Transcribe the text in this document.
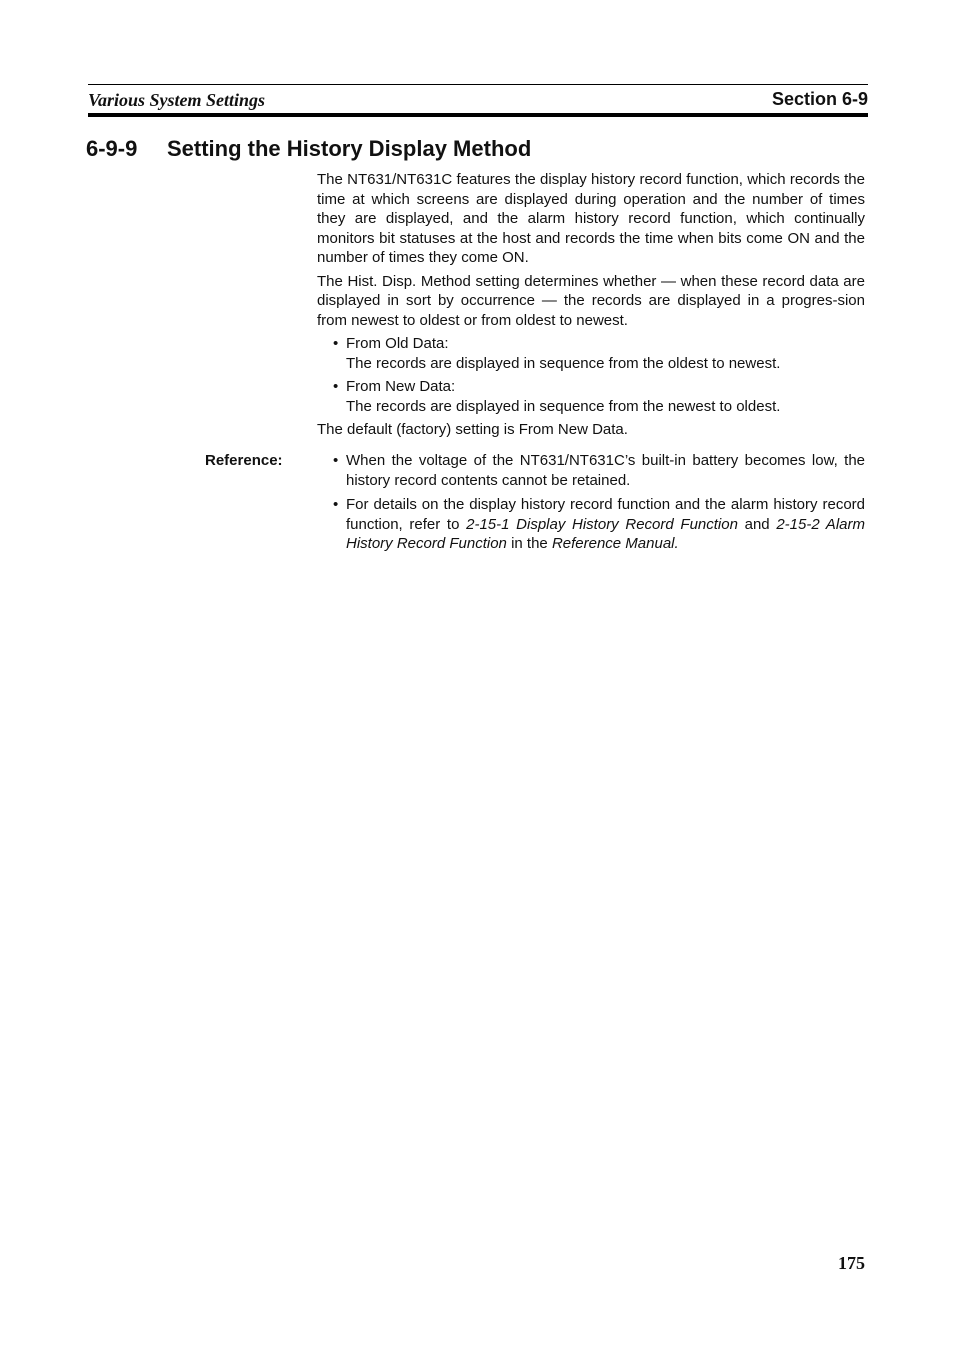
Various System Settings	Section 6-9
6-9-9 Setting the History Display Method

The NT631/NT631C features the display history record function, which records the time at which screens are displayed during operation and the number of times they are displayed, and the alarm history record function, which continually monitors bit statuses at the host and records the time when bits come ON and the number of times they come ON.

The Hist. Disp. Method setting determines whether — when these record data are displayed in sort by occurrence — the records are displayed in a progres-sion from newest to oldest or from oldest to newest.

• From Old Data:
The records are displayed in sequence from the oldest to newest.
• From New Data:
The records are displayed in sequence from the newest to oldest.

The default (factory) setting is From New Data.

Reference:	• When the voltage of the NT631/NT631C’s built-in battery becomes low, the history record contents cannot be retained.
• For details on the display history record function and the alarm history record function, refer to 2-15-1 Display History Record Function and 2-15-2 Alarm History Record Function in the Reference Manual.
175
